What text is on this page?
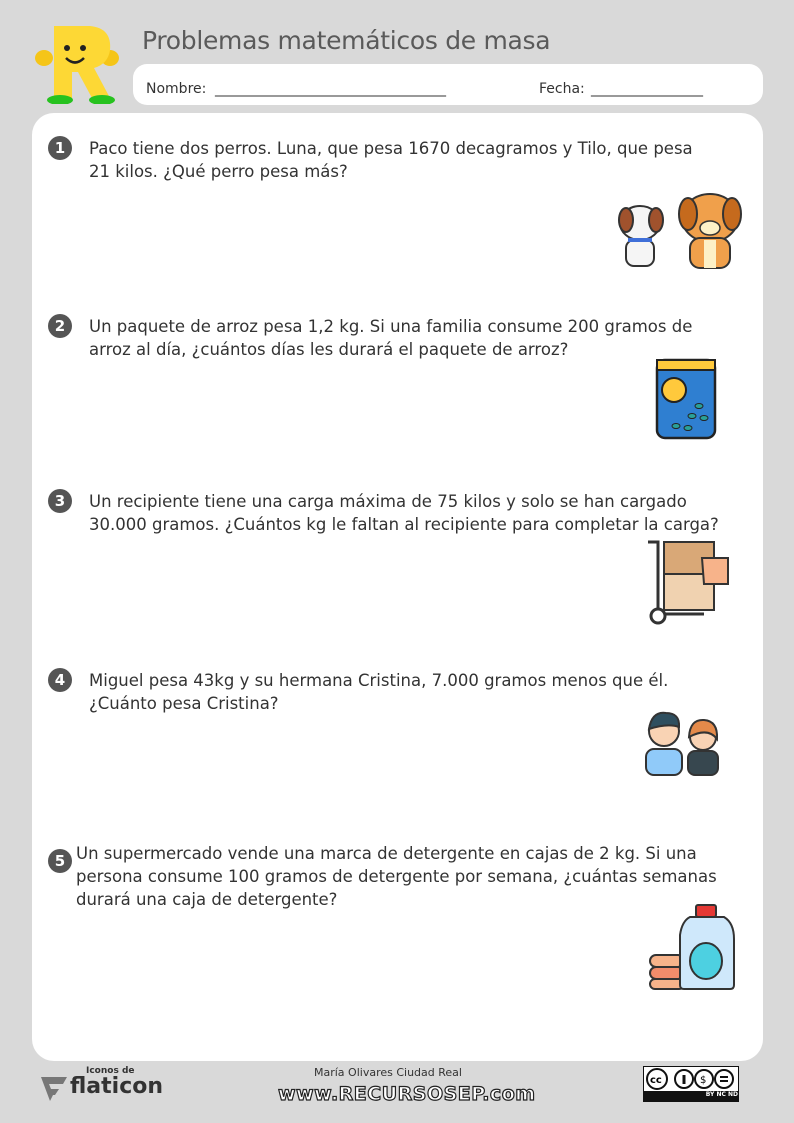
Problemas matemáticos de masa
Nombre: _________________________________	Fecha: ________________
1	Paco tiene dos perros. Luna, que pesa 1670 decagramos y Tilo, que pesa 21 kilos. ¿Qué perro pesa más?
2	Un paquete de arroz pesa 1,2 kg. Si una familia consume 200 gramos de arroz al día, ¿cuántos días les durará el paquete de arroz?
3	Un recipiente tiene una carga máxima de 75 kilos y solo se han cargado 30.000 gramos. ¿Cuántos kg le faltan al recipiente para completar la carga?
4	Miguel pesa 43kg y su hermana Cristina, 7.000 gramos menos que él. ¿Cuánto pesa Cristina?
5 Un supermercado vende una marca de detergente en cajas de 2 kg. Si una persona consume 100 gramos de detergente por semana, ¿cuántas semanas durará una caja de detergente?
Iconos de
flaticon
María Olivares Ciudad Real
www.RECURSOSEP.com
cc	$
BY NC ND
